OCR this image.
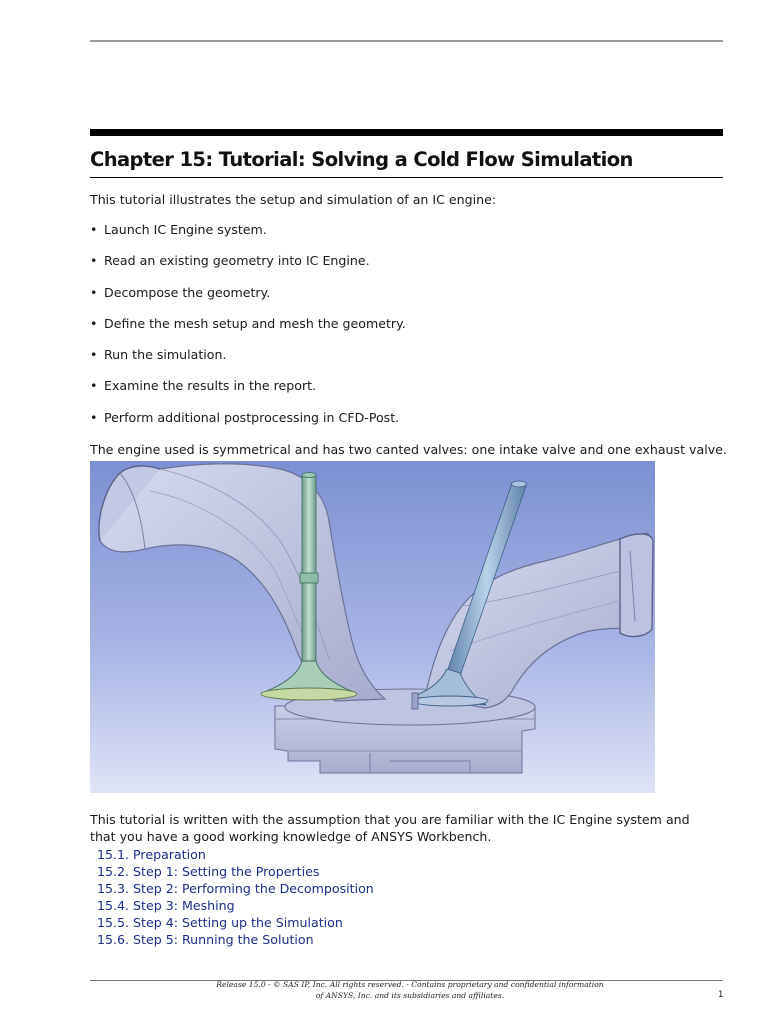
Chapter 15: Tutorial: Solving a Cold Flow Simulation

This tutorial illustrates the setup and simulation of an IC engine:

• Launch IC Engine system.
• Read an existing geometry into IC Engine.
• Decompose the geometry.
• Define the mesh setup and mesh the geometry.
• Run the simulation.
• Examine the results in the report.
• Perform additional postprocessing in CFD-Post.

The engine used is symmetrical and has two canted valves: one intake valve and one exhaust valve.

This tutorial is written with the assumption that you are familiar with the IC Engine system and that you have a good working knowledge of ANSYS Workbench.

15.1. Preparation
15.2. Step 1: Setting the Properties
15.3. Step 2: Performing the Decomposition
15.4. Step 3: Meshing
15.5. Step 4: Setting up the Simulation
15.6. Step 5: Running the Solution
Release 15.0 - © SAS IP, Inc. All rights reserved. - Contains proprietary and confidential information
of ANSYS, Inc. and its subsidiaries and affiliates.	1
